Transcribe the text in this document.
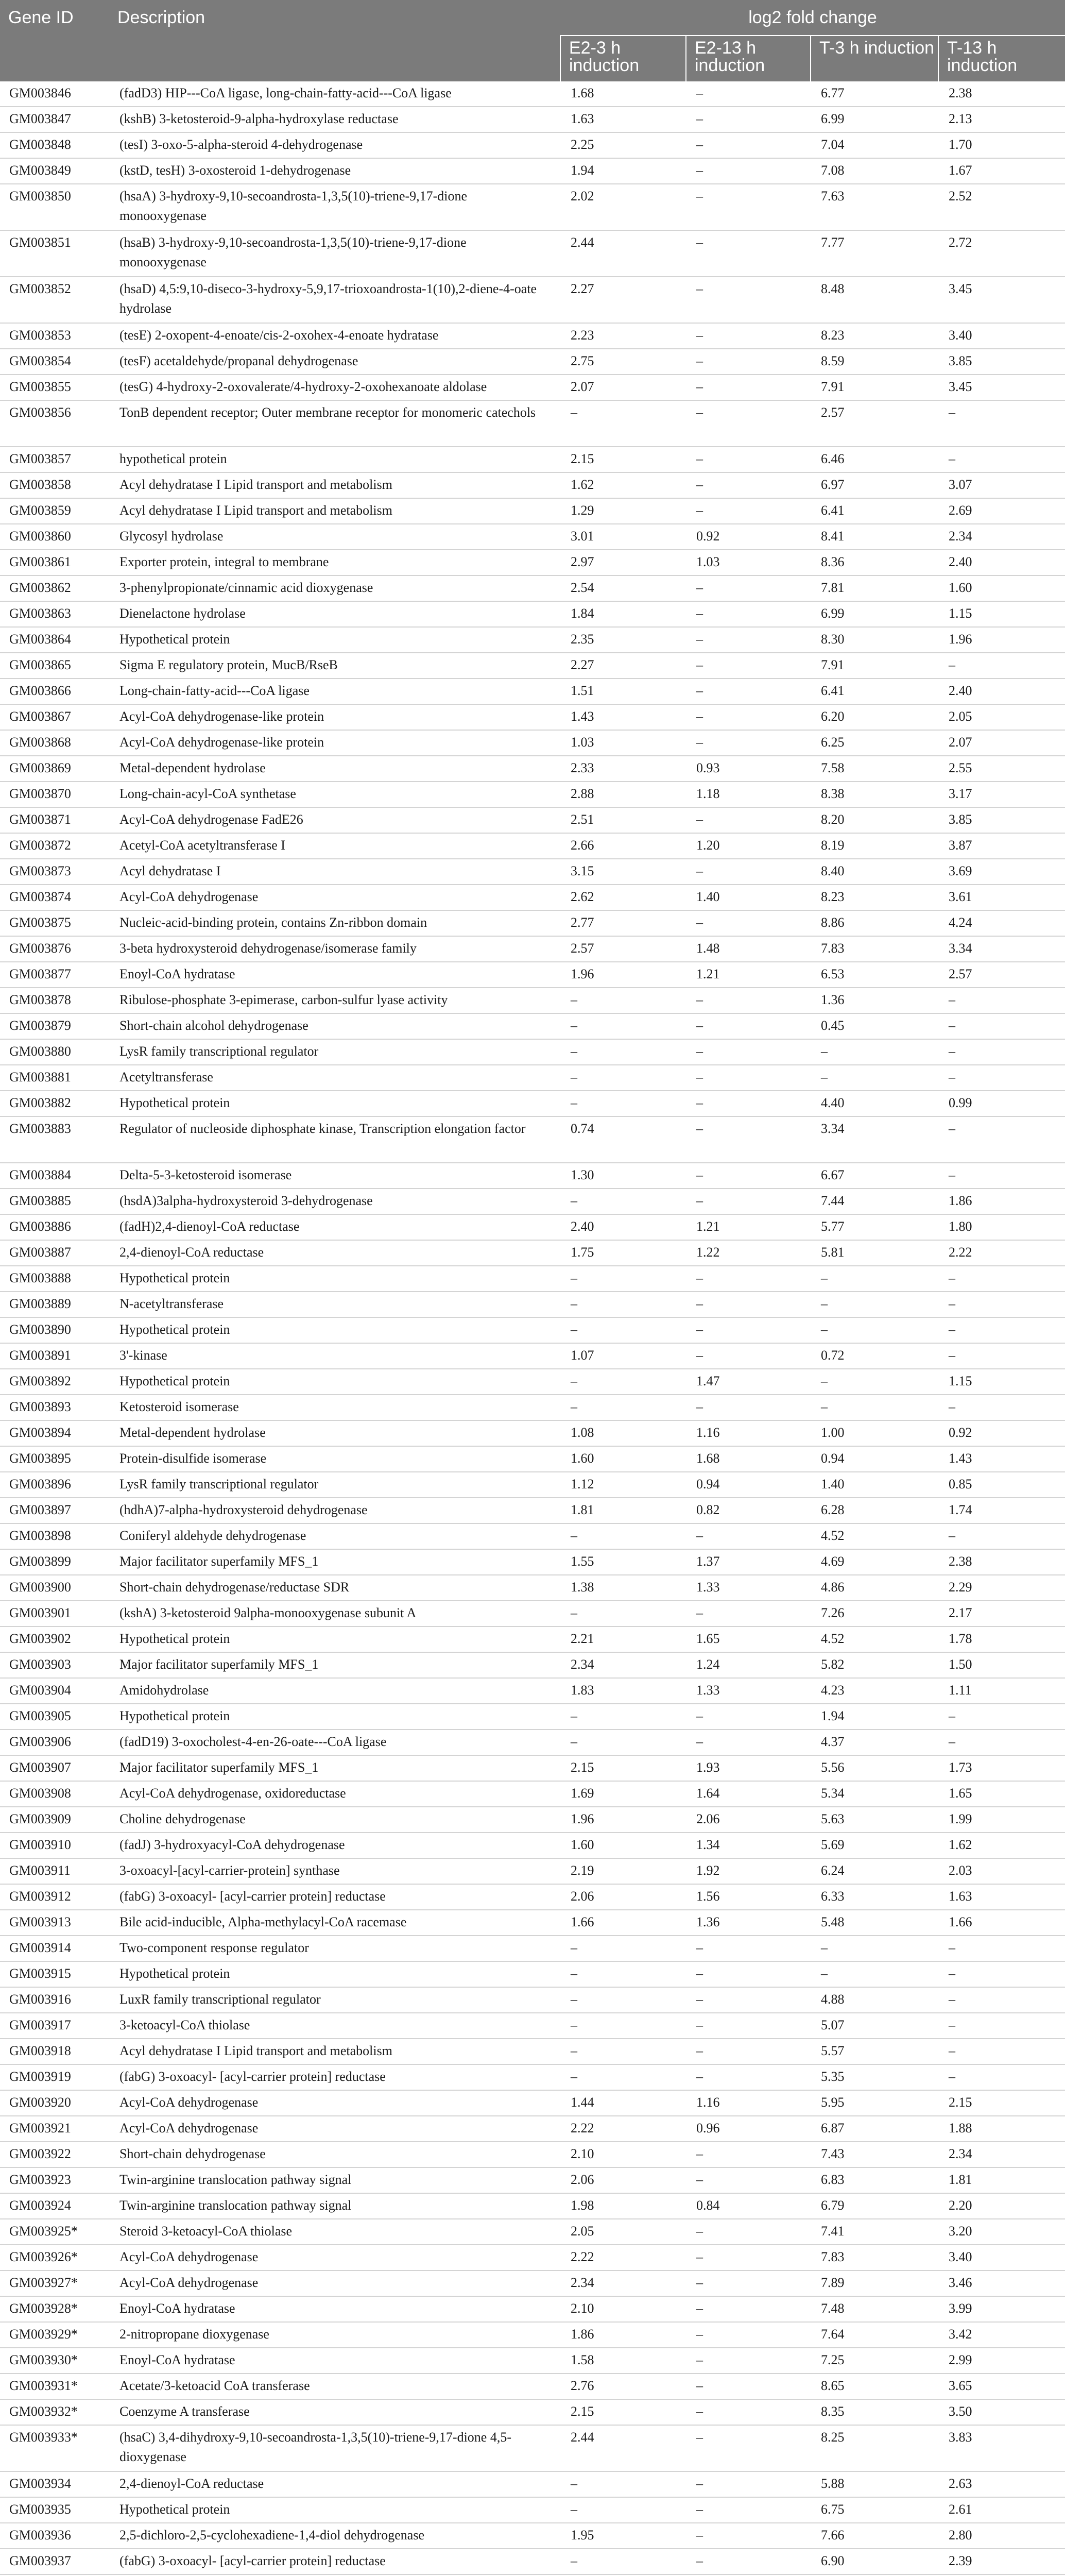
Gene ID	Description	log2 fold change			
		E2-3 h induction	E2-13 h induction	T-3 h induction	T-13 h induction
GM003846	(fadD3) HIP---CoA ligase, long-chain-fatty-acid---CoA ligase	1.68	–	6.77	2.38
GM003847	(kshB) 3-ketosteroid-9-alpha-hydroxylase reductase	1.63	–	6.99	2.13
GM003848	(tesI) 3-oxo-5-alpha-steroid 4-dehydrogenase	2.25	–	7.04	1.70
GM003849	(kstD, tesH) 3-oxosteroid 1-dehydrogenase	1.94	–	7.08	1.67
GM003850	(hsaA) 3-hydroxy-9,10-secoandrosta-1,3,5(10)-triene-9,17-dione monooxygenase	2.02	–	7.63	2.52
GM003851	(hsaB) 3-hydroxy-9,10-secoandrosta-1,3,5(10)-triene-9,17-dione monooxygenase	2.44	–	7.77	2.72
GM003852	(hsaD) 4,5:9,10-diseco-3-hydroxy-5,9,17-trioxoandrosta-1(10),2-diene-4-oate hydrolase	2.27	–	8.48	3.45
GM003853	(tesE) 2-oxopent-4-enoate/cis-2-oxohex-4-enoate hydratase	2.23	–	8.23	3.40
GM003854	(tesF) acetaldehyde/propanal dehydrogenase	2.75	–	8.59	3.85
GM003855	(tesG) 4-hydroxy-2-oxovalerate/4-hydroxy-2-oxohexanoate aldolase	2.07	–	7.91	3.45
GM003856	TonB dependent receptor; Outer membrane receptor for monomeric catechols	–	–	2.57	–
GM003857	hypothetical protein	2.15	–	6.46	–
GM003858	Acyl dehydratase I Lipid transport and metabolism	1.62	–	6.97	3.07
GM003859	Acyl dehydratase I Lipid transport and metabolism	1.29	–	6.41	2.69
GM003860	Glycosyl hydrolase	3.01	0.92	8.41	2.34
GM003861	Exporter protein, integral to membrane	2.97	1.03	8.36	2.40
GM003862	3-phenylpropionate/cinnamic acid dioxygenase	2.54	–	7.81	1.60
GM003863	Dienelactone hydrolase	1.84	–	6.99	1.15
GM003864	Hypothetical protein	2.35	–	8.30	1.96
GM003865	Sigma E regulatory protein, MucB/RseB	2.27	–	7.91	–
GM003866	Long-chain-fatty-acid---CoA ligase	1.51	–	6.41	2.40
GM003867	Acyl-CoA dehydrogenase-like protein	1.43	–	6.20	2.05
GM003868	Acyl-CoA dehydrogenase-like protein	1.03	–	6.25	2.07
GM003869	Metal-dependent hydrolase	2.33	0.93	7.58	2.55
GM003870	Long-chain-acyl-CoA synthetase	2.88	1.18	8.38	3.17
GM003871	Acyl-CoA dehydrogenase FadE26	2.51	–	8.20	3.85
GM003872	Acetyl-CoA acetyltransferase I	2.66	1.20	8.19	3.87
GM003873	Acyl dehydratase I	3.15	–	8.40	3.69
GM003874	Acyl-CoA dehydrogenase	2.62	1.40	8.23	3.61
GM003875	Nucleic-acid-binding protein, contains Zn-ribbon domain	2.77	–	8.86	4.24
GM003876	3-beta hydroxysteroid dehydrogenase/isomerase family	2.57	1.48	7.83	3.34
GM003877	Enoyl-CoA hydratase	1.96	1.21	6.53	2.57
GM003878	Ribulose-phosphate 3-epimerase, carbon-sulfur lyase activity	–	–	1.36	–
GM003879	Short-chain alcohol dehydrogenase	–	–	0.45	–
GM003880	LysR family transcriptional regulator	–	–	–	–
GM003881	Acetyltransferase	–	–	–	–
GM003882	Hypothetical protein	–	–	4.40	0.99
GM003883	Regulator of nucleoside diphosphate kinase, Transcription elongation factor	0.74	–	3.34	–
GM003884	Delta-5-3-ketosteroid isomerase	1.30	–	6.67	–
GM003885	(hsdA)3alpha-hydroxysteroid 3-dehydrogenase	–	–	7.44	1.86
GM003886	(fadH)2,4-dienoyl-CoA reductase	2.40	1.21	5.77	1.80
GM003887	2,4-dienoyl-CoA reductase	1.75	1.22	5.81	2.22
GM003888	Hypothetical protein	–	–	–	–
GM003889	N-acetyltransferase	–	–	–	–
GM003890	Hypothetical protein	–	–	–	–
GM003891	3'-kinase	1.07	–	0.72	–
GM003892	Hypothetical protein	–	1.47	–	1.15
GM003893	Ketosteroid isomerase	–	–	–	–
GM003894	Metal-dependent hydrolase	1.08	1.16	1.00	0.92
GM003895	Protein-disulfide isomerase	1.60	1.68	0.94	1.43
GM003896	LysR family transcriptional regulator	1.12	0.94	1.40	0.85
GM003897	(hdhA)7-alpha-hydroxysteroid dehydrogenase	1.81	0.82	6.28	1.74
GM003898	Coniferyl aldehyde dehydrogenase	–	–	4.52	–
GM003899	Major facilitator superfamily MFS_1	1.55	1.37	4.69	2.38
GM003900	Short-chain dehydrogenase/reductase SDR	1.38	1.33	4.86	2.29
GM003901	(kshA) 3-ketosteroid 9alpha-monooxygenase subunit A	–	–	7.26	2.17
GM003902	Hypothetical protein	2.21	1.65	4.52	1.78
GM003903	Major facilitator superfamily MFS_1	2.34	1.24	5.82	1.50
GM003904	Amidohydrolase	1.83	1.33	4.23	1.11
GM003905	Hypothetical protein	–	–	1.94	–
GM003906	(fadD19) 3-oxocholest-4-en-26-oate---CoA ligase	–	–	4.37	–
GM003907	Major facilitator superfamily MFS_1	2.15	1.93	5.56	1.73
GM003908	Acyl-CoA dehydrogenase, oxidoreductase	1.69	1.64	5.34	1.65
GM003909	Choline dehydrogenase	1.96	2.06	5.63	1.99
GM003910	(fadJ) 3-hydroxyacyl-CoA dehydrogenase	1.60	1.34	5.69	1.62
GM003911	3-oxoacyl-[acyl-carrier-protein] synthase	2.19	1.92	6.24	2.03
GM003912	(fabG) 3-oxoacyl- [acyl-carrier protein] reductase	2.06	1.56	6.33	1.63
GM003913	Bile acid-inducible, Alpha-methylacyl-CoA racemase	1.66	1.36	5.48	1.66
GM003914	Two-component response regulator	–	–	–	–
GM003915	Hypothetical protein	–	–	–	–
GM003916	LuxR family transcriptional regulator	–	–	4.88	–
GM003917	3-ketoacyl-CoA thiolase	–	–	5.07	–
GM003918	Acyl dehydratase I Lipid transport and metabolism	–	–	5.57	–
GM003919	(fabG) 3-oxoacyl- [acyl-carrier protein] reductase	–	–	5.35	–
GM003920	Acyl-CoA dehydrogenase	1.44	1.16	5.95	2.15
GM003921	Acyl-CoA dehydrogenase	2.22	0.96	6.87	1.88
GM003922	Short-chain dehydrogenase	2.10	–	7.43	2.34
GM003923	Twin-arginine translocation pathway signal	2.06	–	6.83	1.81
GM003924	Twin-arginine translocation pathway signal	1.98	0.84	6.79	2.20
GM003925*	Steroid 3-ketoacyl-CoA thiolase	2.05	–	7.41	3.20
GM003926*	Acyl-CoA dehydrogenase	2.22	–	7.83	3.40
GM003927*	Acyl-CoA dehydrogenase	2.34	–	7.89	3.46
GM003928*	Enoyl-CoA hydratase	2.10	–	7.48	3.99
GM003929*	2-nitropropane dioxygenase	1.86	–	7.64	3.42
GM003930*	Enoyl-CoA hydratase	1.58	–	7.25	2.99
GM003931*	Acetate/3-ketoacid CoA transferase	2.76	–	8.65	3.65
GM003932*	Coenzyme A transferase	2.15	–	8.35	3.50
GM003933*	(hsaC) 3,4-dihydroxy-9,10-secoandrosta-1,3,5(10)-triene-9,17-dione 4,5-dioxygenase	2.44	–	8.25	3.83
GM003934	2,4-dienoyl-CoA reductase	–	–	5.88	2.63
GM003935	Hypothetical protein	–	–	6.75	2.61
GM003936	2,5-dichloro-2,5-cyclohexadiene-1,4-diol dehydrogenase	1.95	–	7.66	2.80
GM003937	(fabG) 3-oxoacyl- [acyl-carrier protein] reductase	–	–	6.90	2.39
